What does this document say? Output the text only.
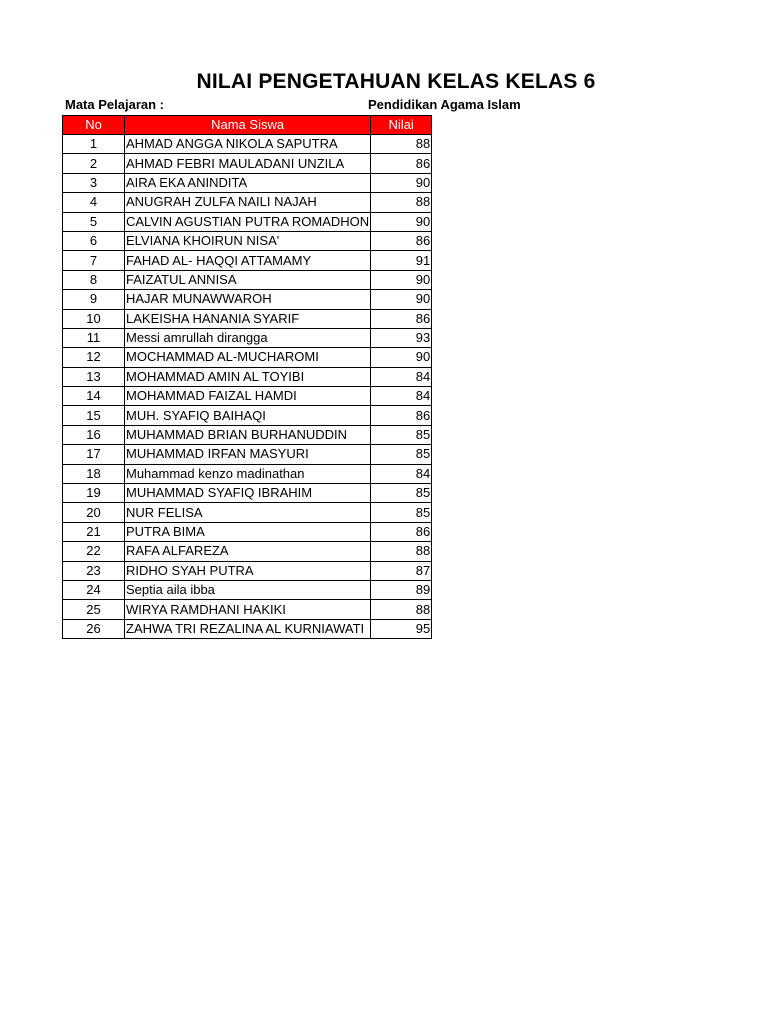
NILAI PENGETAHUAN KELAS KELAS 6
Mata Pelajaran :	Pendidikan Agama Islam
No	Nama Siswa	Nilai
1	AHMAD ANGGA NIKOLA SAPUTRA	88
2	AHMAD FEBRI MAULADANI UNZILA	86
3	AIRA EKA ANINDITA	90
4	ANUGRAH ZULFA NAILI NAJAH	88
5	CALVIN AGUSTIAN PUTRA ROMADHON	90
6	ELVIANA KHOIRUN NISA'	86
7	FAHAD AL- HAQQI ATTAMAMY	91
8	FAIZATUL ANNISA	90
9	HAJAR MUNAWWAROH	90
10	LAKEISHA HANANIA SYARIF	86
11	Messi amrullah dirangga	93
12	MOCHAMMAD AL-MUCHAROMI	90
13	MOHAMMAD AMIN AL TOYIBI	84
14	MOHAMMAD FAIZAL HAMDI	84
15	MUH. SYAFIQ BAIHAQI	86
16	MUHAMMAD BRIAN BURHANUDDIN	85
17	MUHAMMAD IRFAN MASYURI	85
18	Muhammad kenzo madinathan	84
19	MUHAMMAD SYAFIQ IBRAHIM	85
20	NUR FELISA	85
21	PUTRA BIMA	86
22	RAFA ALFAREZA	88
23	RIDHO SYAH PUTRA	87
24	Septia aila ibba	89
25	WIRYA RAMDHANI HAKIKI	88
26	ZAHWA TRI REZALINA AL KURNIAWATI	95
